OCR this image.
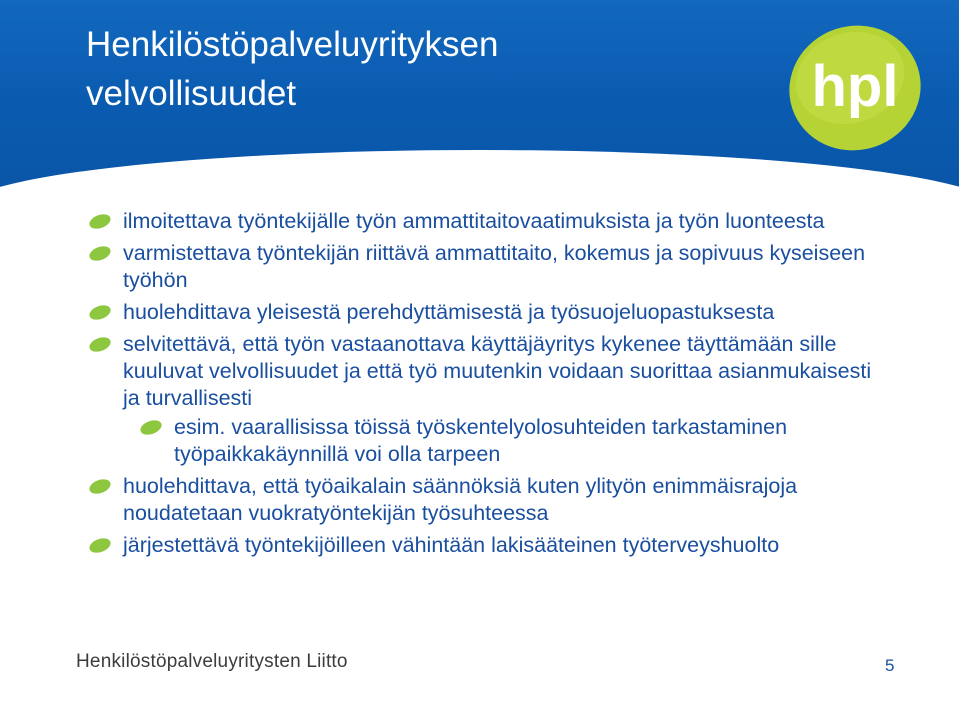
Henkilöstöpalveluyrityksen velvollisuudet	hpl
ilmoitettava työntekijälle työn ammattitaitovaatimuksista ja työn luonteesta
varmistettava työntekijän riittävä ammattitaito, kokemus ja sopivuus kyseiseen työhön
huolehdittava yleisestä perehdyttämisestä ja työsuojeluopastuksesta
selvitettävä, että työn vastaanottava käyttäjäyritys kykenee täyttämään sille kuuluvat velvollisuudet ja että työ muutenkin voidaan suorittaa asianmukaisesti ja turvallisesti
esim. vaarallisissa töissä työskentelyolosuhteiden tarkastaminen työpaikkakäynnillä voi olla tarpeen
huolehdittava, että työaikalain säännöksiä kuten ylityön enimmäisrajoja noudatetaan vuokratyöntekijän työsuhteessa
järjestettävä työntekijöilleen vähintään lakisääteinen työterveyshuolto
Henkilöstöpalveluyritysten Liitto	5
